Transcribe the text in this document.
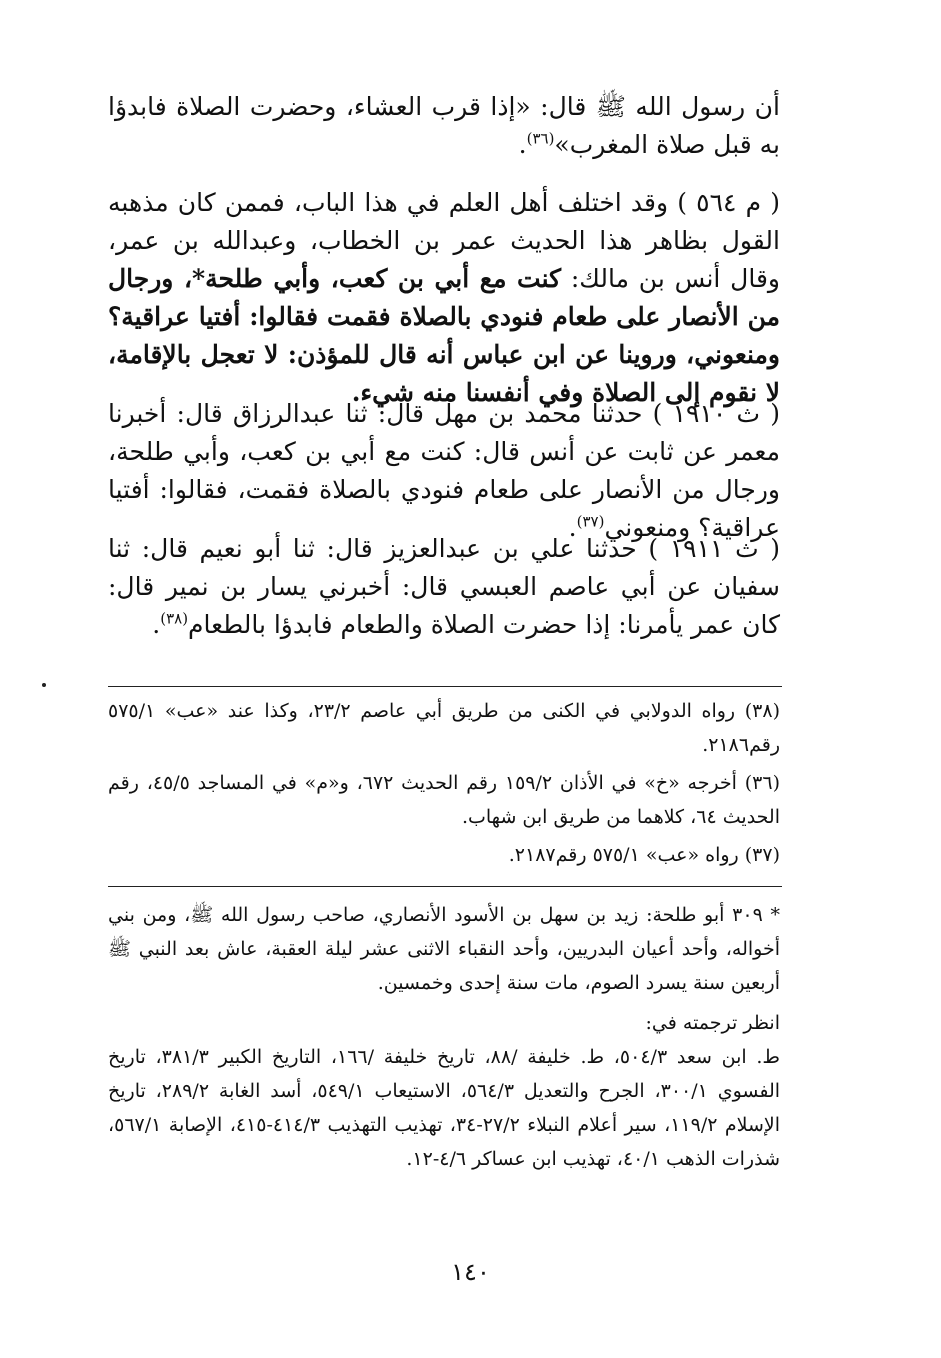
أن رسول الله ﷺ قال: «إذا قرب العشاء، وحضرت الصلاة فابدؤا به قبل صلاة المغرب»$^{(٣٦)}$.
( م ٥٦٤ ) وقد اختلف أهل العلم في هذا الباب، فممن كان مذهبه القول بظاهر هذا الحديث عمر بن الخطاب، وعبدالله بن عمر، وقال أنس بن مالك: كنت مع أبي بن كعب، وأبي طلحة*، ورجال من الأنصار على طعام فنودي بالصلاة فقمت فقالوا: أفتيا عراقية؟ ومنعوني، وروينا عن ابن عباس أنه قال للمؤذن: لا تعجل بالإقامة، لا نقوم إلى الصلاة وفي أنفسنا منه شيء.
( ث ١٩١٠ ) حدثنا محمد بن مهل قال: ثنا عبدالرزاق قال: أخبرنا معمر عن ثابت عن أنس قال: كنت مع أبي بن كعب، وأبي طلحة، ورجال من الأنصار على طعام فنودي بالصلاة فقمت، فقالوا: أفتيا عراقية؟ ومنعوني$^{(٣٧)}$.
( ث ١٩١١ ) حدثنا علي بن عبدالعزيز قال: ثنا أبو نعيم قال: ثنا سفيان عن أبي عاصم العبسي قال: أخبرني يسار بن نمير قال: كان عمر يأمرنا: إذا حضرت الصلاة والطعام فابدؤا بالطعام$^{(٣٨)}$.
(٣٨) رواه الدولابي في الكنى من طريق أبي عاصم ٢٣/٢، وكذا عند «عب» ٥٧٥/١ رقم٢١٨٦.
(٣٦) أخرجه «خ» في الأذان ١٥٩/٢ رقم الحديث ٦٧٢، و«م» في المساجد ٤٥/٥، رقم الحديث ٦٤، كلاهما من طريق ابن شهاب.
(٣٧) رواه «عب» ٥٧٥/١ رقم٢١٨٧.
* ٣٠٩ أبو طلحة: زيد بن سهل بن الأسود الأنصاري، صاحب رسول الله ﷺ، ومن بني أخواله، وأحد أعيان البدريين، وأحد النقباء الاثنى عشر ليلة العقبة، عاش بعد النبي ﷺ أربعين سنة يسرد الصوم، مات سنة إحدى وخمسين.
انظر ترجمته في:
ط. ابن سعد ٥٠٤/٣، ط. خليفة /٨٨، تاريخ خليفة /١٦٦، التاريخ الكبير ٣٨١/٣، تاريخ الفسوي ٣٠٠/١، الجرح والتعديل ٥٦٤/٣، الاستيعاب ٥٤٩/١، أسد الغابة ٢٨٩/٢، تاريخ الإسلام ١١٩/٢، سير أعلام النبلاء ٢٧/٢-٣٤، تهذيب التهذيب ٤١٤/٣-٤١٥، الإصابة ٥٦٧/١، شذرات الذهب ٤٠/١، تهذيب ابن عساكر ٤/٦-١٢.
١٤٠
